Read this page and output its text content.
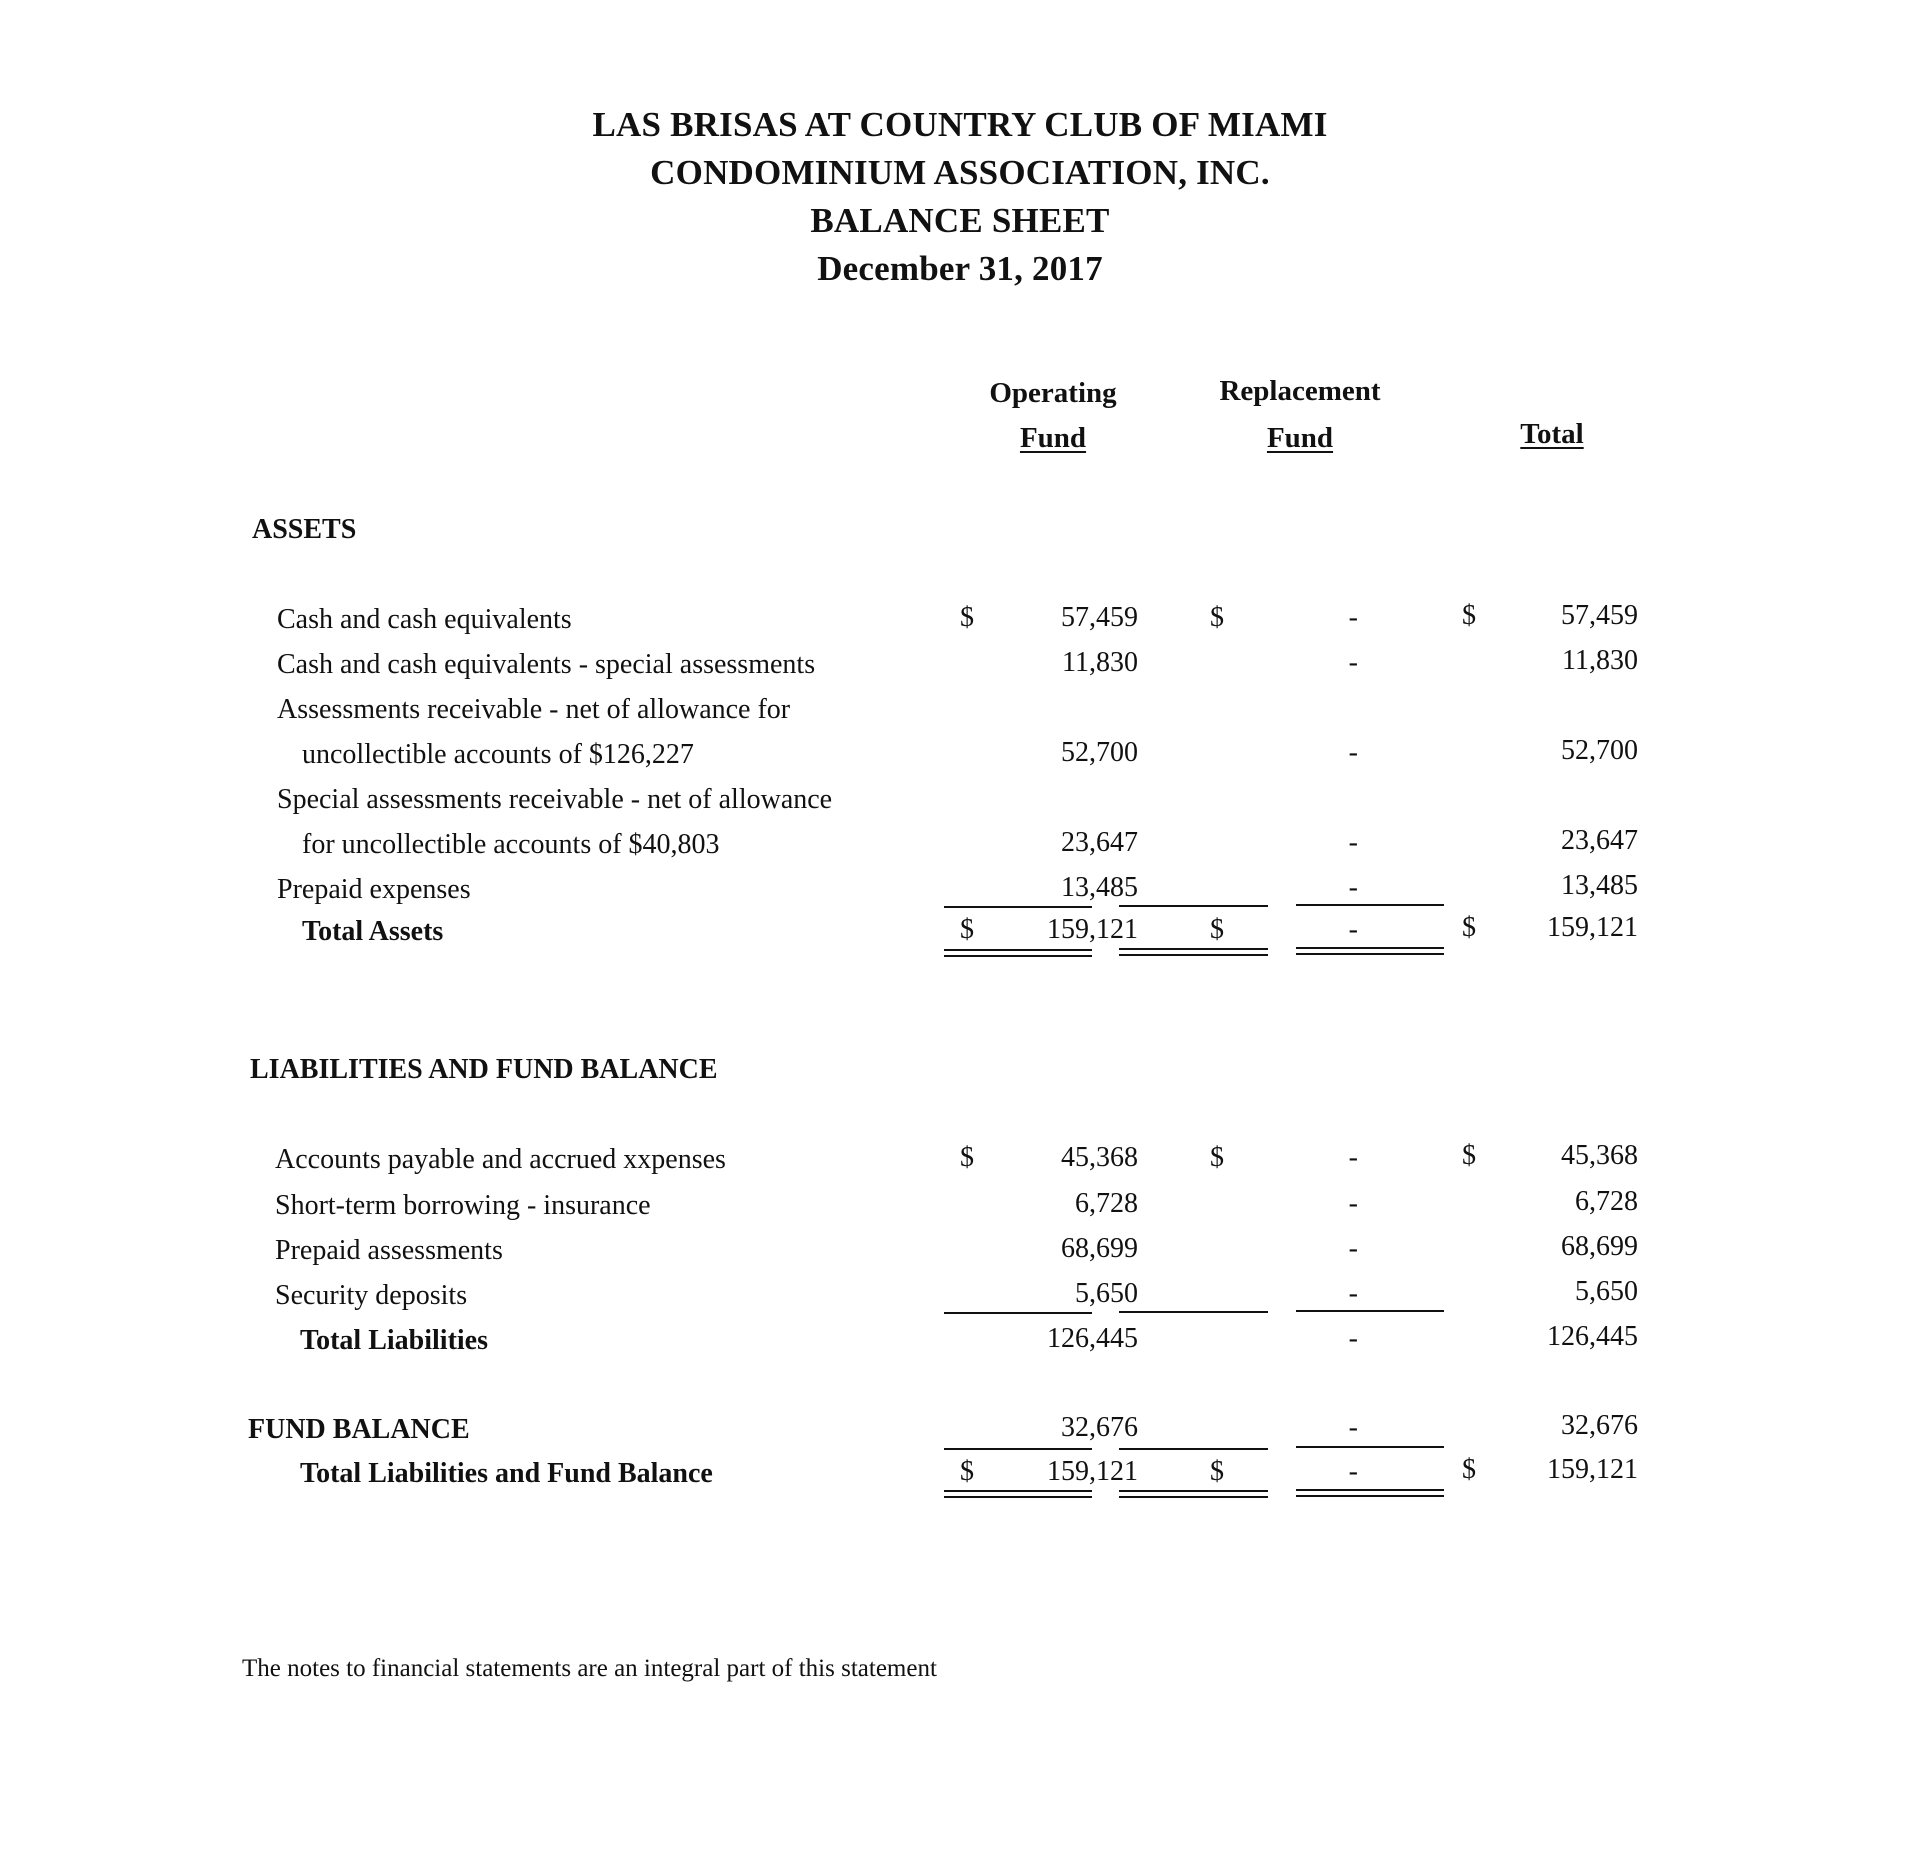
LAS BRISAS AT COUNTRY CLUB OF MIAMI
CONDOMINIUM ASSOCIATION, INC.
BALANCE SHEET
December 31, 2017
Operating
Fund
Replacement
Fund	Total
ASSETS
Cash and cash equivalents	$	57,459	$	-	$	57,459
Cash and cash equivalents - special assessments	11,830	-	11,830
Assessments receivable - net of allowance for
uncollectible accounts of $126,227	52,700	-	52,700
Special assessments receivable - net of allowance
for uncollectible accounts of $40,803	23,647	-	23,647
Prepaid expenses	13,485	-	13,485
Total Assets	$	159,121	$	-	$	159,121
LIABILITIES AND FUND BALANCE
Accounts payable and accrued xxpenses	$	45,368	$	-	$	45,368
Short-term borrowing - insurance	6,728	-	6,728
Prepaid assessments	68,699	-	68,699
Security deposits	5,650	-	5,650
Total Liabilities	126,445	-	126,445
FUND BALANCE	32,676	-	32,676
Total Liabilities and Fund Balance	$	159,121	$	-	$	159,121
The notes to financial statements are an integral part of this statement
